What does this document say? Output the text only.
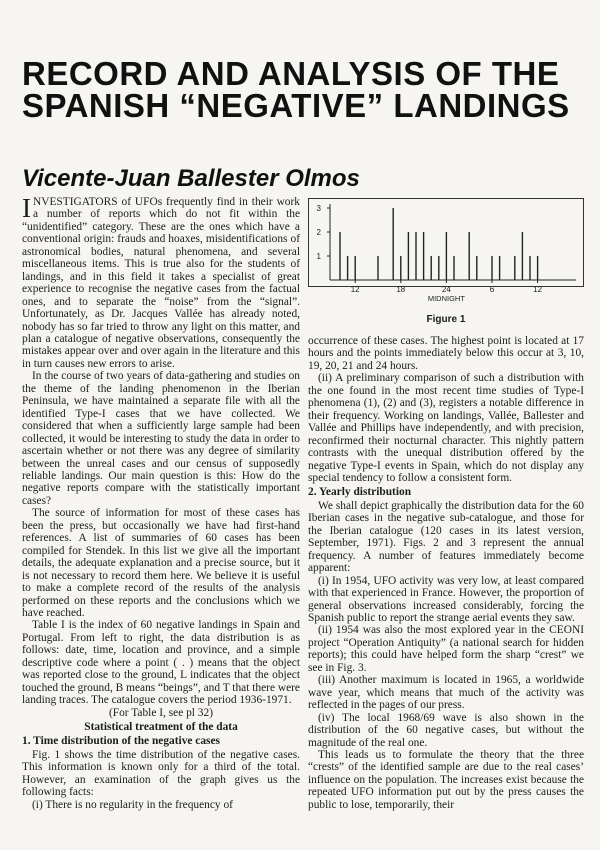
RECORD AND ANALYSIS OF THE SPANISH “NEGATIVE” LANDINGS
Vicente-Juan Ballester Olmos
1
2
3
12	18	24	6	12
MIDNIGHT
Figure 1

INVESTIGATORS of UFOs frequently find in their work a number of reports which do not fit within the “unidentified” category. These are the ones which have a conventional origin: frauds and hoaxes, misidentifications of astronomical bodies, natural phenomena, and several miscellaneous items. This is true also for the students of landings, and in this field it takes a specialist of great experience to recognise the negative cases from the factual ones, and to separate the “noise” from the “signal”. Unfortunately, as Dr. Jacques Vallée has already noted, nobody has so far tried to throw any light on this matter, and plan a catalogue of negative observations, consequently the mistakes appear over and over again in the literature and this in turn causes new errors to arise.

In the course of two years of data-gathering and studies on the theme of the landing phenomenon in the Iberian Peninsula, we have maintained a separate file with all the identified Type-I cases that we have collected. We considered that when a sufficiently large sample had been collected, it would be interesting to study the data in order to ascertain whether or not there was any degree of similarity between the unreal cases and our census of supposedly reliable landings. Our main question is this: How do the negative reports compare with the statistically important cases?

The source of information for most of these cases has been the press, but occasionally we have had first-hand references. A list of summaries of 60 cases has been compiled for Stendek. In this list we give all the important details, the adequate explanation and a precise source, but it is not necessary to record them here. We believe it is useful to make a complete record of the results of the analysis performed on these reports and the conclusions which we have reached.

Table I is the index of 60 negative landings in Spain and Portugal. From left to right, the data distribution is as follows: date, time, location and province, and a simple descriptive code where a point ( . ) means that the object was reported close to the ground, L indicates that the object touched the ground, B means “beings”, and T that there were landing traces. The catalogue covers the period 1936-1971.

(For Table I, see pl 32)

Statistical treatment of the data
1. Time distribution of the negative cases

Fig. 1 shows the time distribution of the negative cases. This information is known only for a third of the total. However, an examination of the graph gives us the following facts:

(i) There is no regularity in the frequency of

occurrence of these cases. The highest point is located at 17 hours and the points immediately below this occur at 3, 10, 19, 20, 21 and 24 hours.

(ii) A preliminary comparison of such a distribution with the one found in the most recent time studies of Type-I phenomena (1), (2) and (3), registers a notable difference in their frequency. Working on landings, Vallée, Ballester and Vallée and Phillips have independently, and with precision, reconfirmed their nocturnal character. This nightly pattern contrasts with the unequal distribution offered by the negative Type-I events in Spain, which do not display any special tendency to follow a consistent form.

2. Yearly distribution

We shall depict graphically the distribution data for the 60 Iberian cases in the negative sub-catalogue, and those for the Iberian catalogue (120 cases in its latest version, September, 1971). Figs. 2 and 3 represent the annual frequency. A number of features immediately become apparent:

(i) In 1954, UFO activity was very low, at least compared with that experienced in France. However, the proportion of general observations increased considerably, forcing the Spanish public to report the strange aerial events they saw.

(ii) 1954 was also the most explored year in the CEONI project “Operation Antiquity” (a national search for hidden reports); this could have helped form the sharp “crest” we see in Fig. 3.

(iii) Another maximum is located in 1965, a worldwide wave year, which means that much of the activity was reflected in the pages of our press.

(iv) The local 1968/69 wave is also shown in the distribution of the 60 negative cases, but without the magnitude of the real one.

This leads us to formulate the theory that the three “crests” of the identified sample are due to the real cases’ influence on the population. The increases exist because the repeated UFO information put out by the press causes the public to lose, temporarily, their
